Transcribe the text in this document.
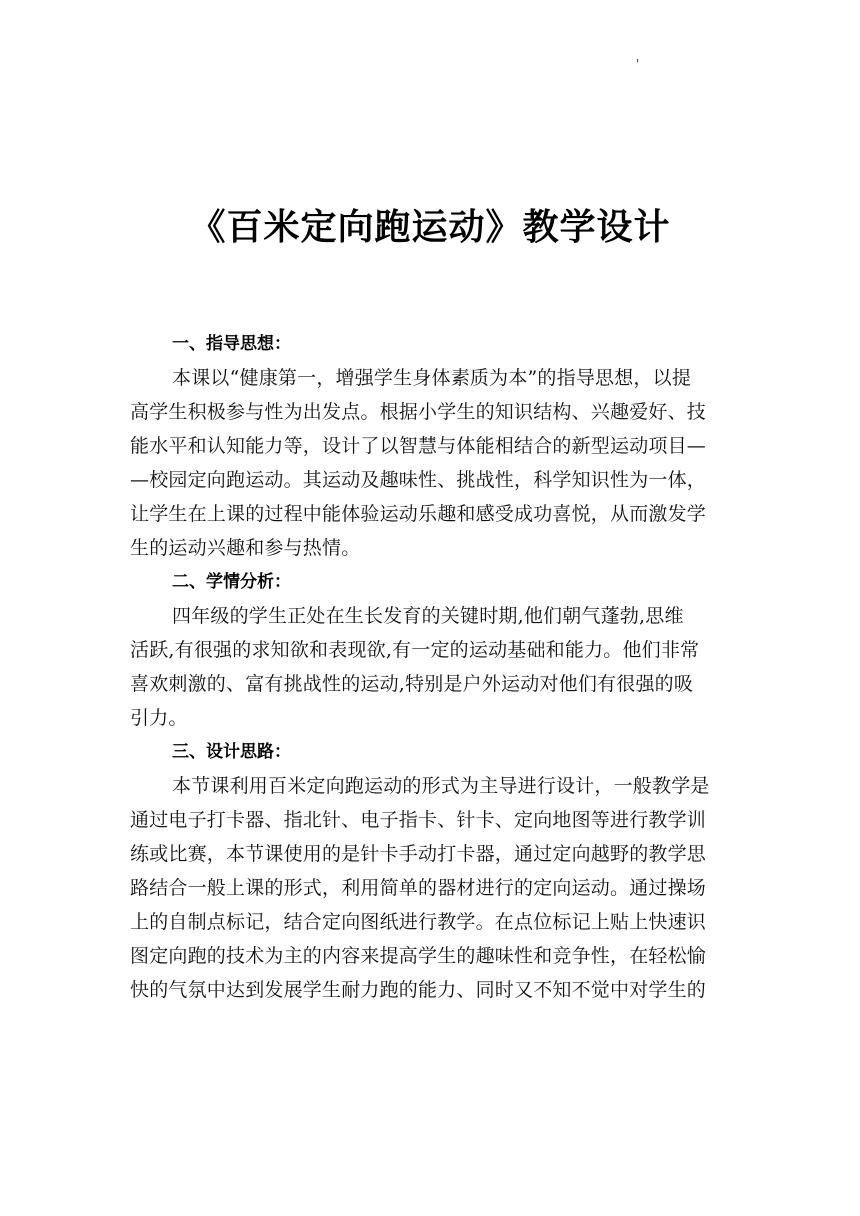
'
《百米定向跑运动》教学设计
一、指导思想：
本课以“健康第一，增强学生身体素质为本”的指导思想，以提
高学生积极参与性为出发点。根据小学生的知识结构、兴趣爱好、技
能水平和认知能力等，设计了以智慧与体能相结合的新型运动项目—
—校园定向跑运动。其运动及趣味性、挑战性，科学知识性为一体，
让学生在上课的过程中能体验运动乐趣和感受成功喜悦，从而激发学
生的运动兴趣和参与热情。
二、学情分析：
四年级的学生正处在生长发育的关键时期,他们朝气蓬勃,思维
活跃,有很强的求知欲和表现欲,有一定的运动基础和能力。他们非常
喜欢刺激的、富有挑战性的运动,特别是户外运动对他们有很强的吸
引力。
三、设计思路：
本节课利用百米定向跑运动的形式为主导进行设计，一般教学是
通过电子打卡器、指北针、电子指卡、针卡、定向地图等进行教学训
练或比赛，本节课使用的是针卡手动打卡器，通过定向越野的教学思
路结合一般上课的形式，利用简单的器材进行的定向运动。通过操场
上的自制点标记，结合定向图纸进行教学。在点位标记上贴上快速识
图定向跑的技术为主的内容来提高学生的趣味性和竞争性，在轻松愉
快的气氛中达到发展学生耐力跑的能力、同时又不知不觉中对学生的
